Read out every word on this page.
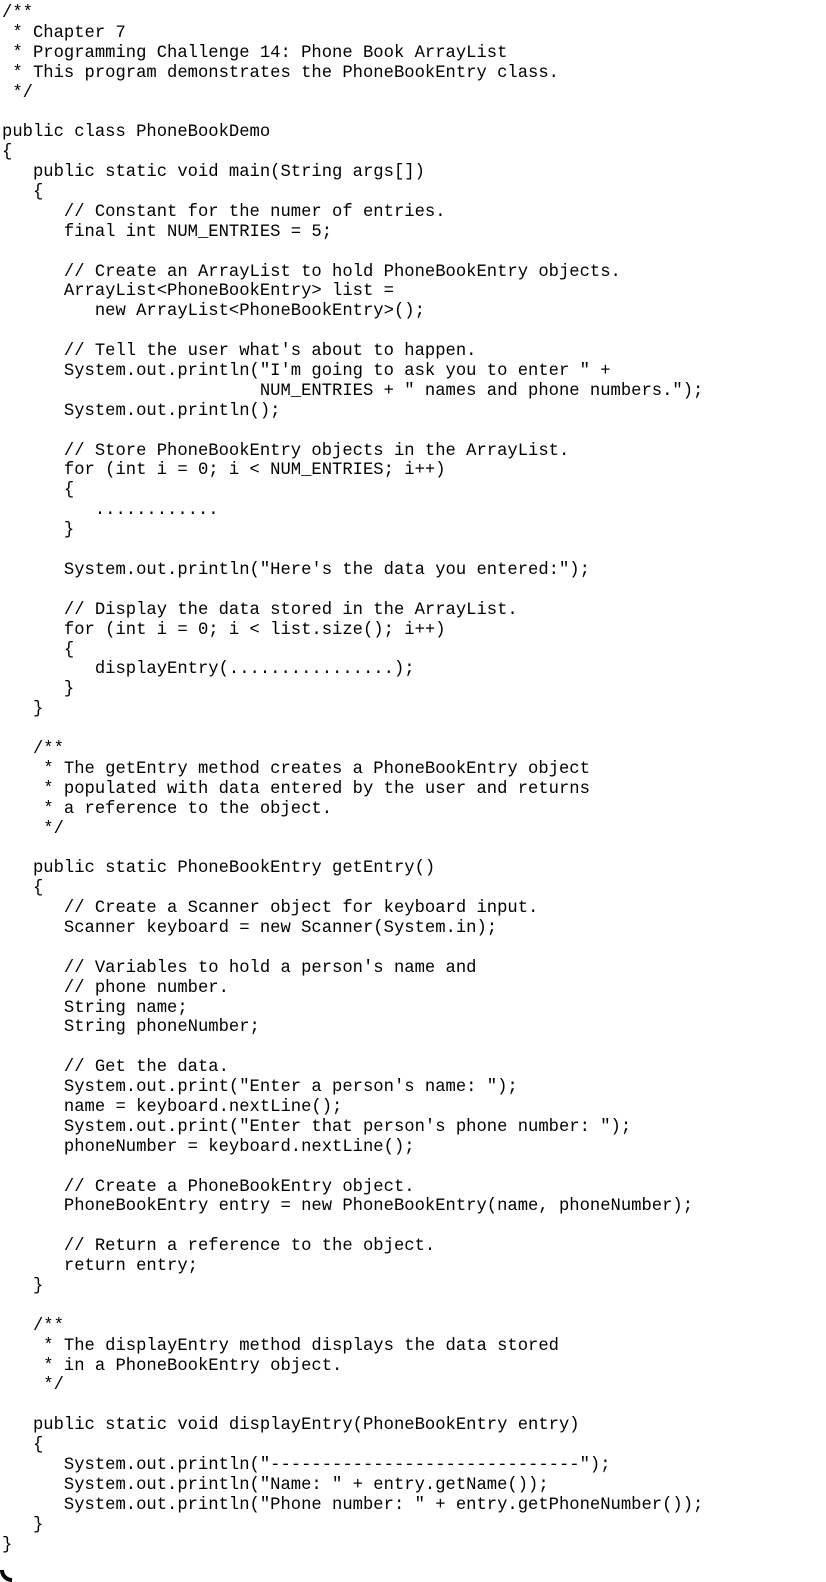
/**
* Chapter 7
* Programming Challenge 14: Phone Book ArrayList
* This program demonstrates the PhoneBookEntry class.
*/
public class PhoneBookDemo
{
public static void main(String args[])
{
// Constant for the numer of entries.
final int NUM_ENTRIES = 5;
// Create an ArrayList to hold PhoneBookEntry objects.
ArrayList<PhoneBookEntry> list =
new ArrayList<PhoneBookEntry>();
// Tell the user what's about to happen.
System.out.println("I'm going to ask you to enter " +
NUM_ENTRIES + " names and phone numbers.");
System.out.println();
// Store PhoneBookEntry objects in the ArrayList.
for (int i = 0; i < NUM_ENTRIES; i++)
{
............
}
System.out.println("Here's the data you entered:");
// Display the data stored in the ArrayList.
for (int i = 0; i < list.size(); i++)
{
displayEntry(................);
}
}
/**
* The getEntry method creates a PhoneBookEntry object
* populated with data entered by the user and returns
* a reference to the object.
*/
public static PhoneBookEntry getEntry()
{
// Create a Scanner object for keyboard input.
Scanner keyboard = new Scanner(System.in);
// Variables to hold a person's name and
// phone number.
String name;
String phoneNumber;
// Get the data.
System.out.print("Enter a person's name: ");
name = keyboard.nextLine();
System.out.print("Enter that person's phone number: ");
phoneNumber = keyboard.nextLine();
// Create a PhoneBookEntry object.
PhoneBookEntry entry = new PhoneBookEntry(name, phoneNumber);
// Return a reference to the object.
return entry;
}
/**
* The displayEntry method displays the data stored
* in a PhoneBookEntry object.
*/
public static void displayEntry(PhoneBookEntry entry)
{
System.out.println("------------------------------");
System.out.println("Name: " + entry.getName());
System.out.println("Phone number: " + entry.getPhoneNumber());
}
}
